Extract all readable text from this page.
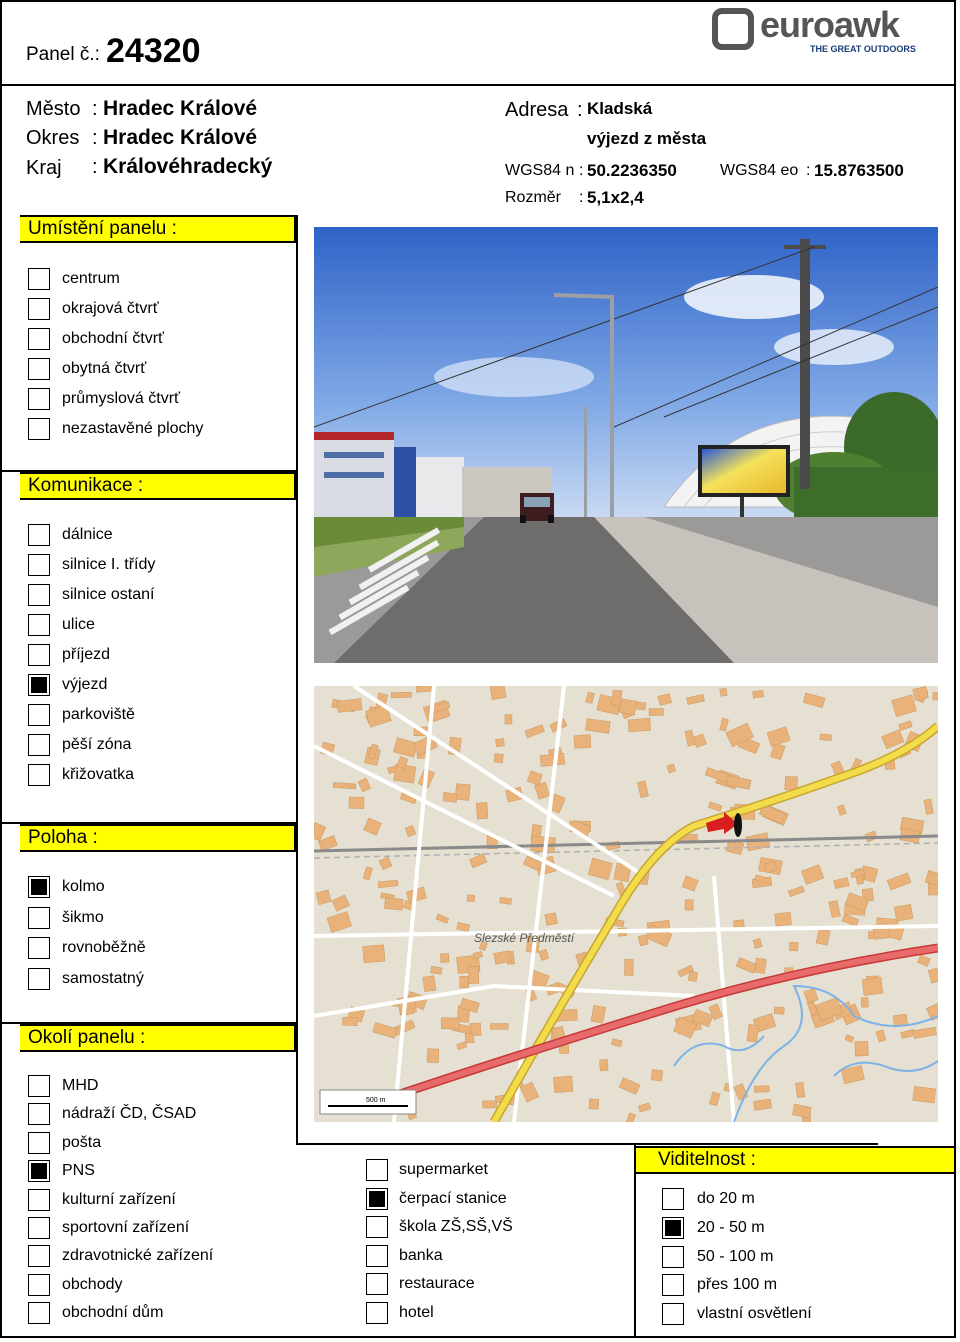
Panel č.: 24320
euroawk
THE GREAT OUTDOORS
Město : Hradec Králové
Okres : Hradec Králové
Kraj : Královéhradecký
Adresa : Kladská
výjezd z města
WGS84 n : 50.2236350	WGS84 eo : 15.8763500
Rozměr : 5,1x2,4
Umístění panelu :
Komunikace :
Poloha :
Okolí panelu :
centrum
okrajová čtvrť
obchodní čtvrť
obytná čtvrť
průmyslová čtvrť
nezastavěné plochy
dálnice
silnice I. třídy
silnice ostaní
ulice
příjezd
výjezd
parkoviště
pěší zóna
křižovatka
kolmo
šikmo
rovnoběžně
samostatný
MHD
nádraží ČD, ČSAD
pošta
PNS
kulturní zařízení
sportovní zařízení
zdravotnické zařízení
obchody
obchodní dům
supermarket
čerpací stanice
škola ZŠ,SŠ,VŠ
banka
restaurace
hotel
do 20 m
20 - 50 m
50 - 100 m
přes 100 m
vlastní osvětlení
Viditelnost :
Slezské Předměstí
500 m
